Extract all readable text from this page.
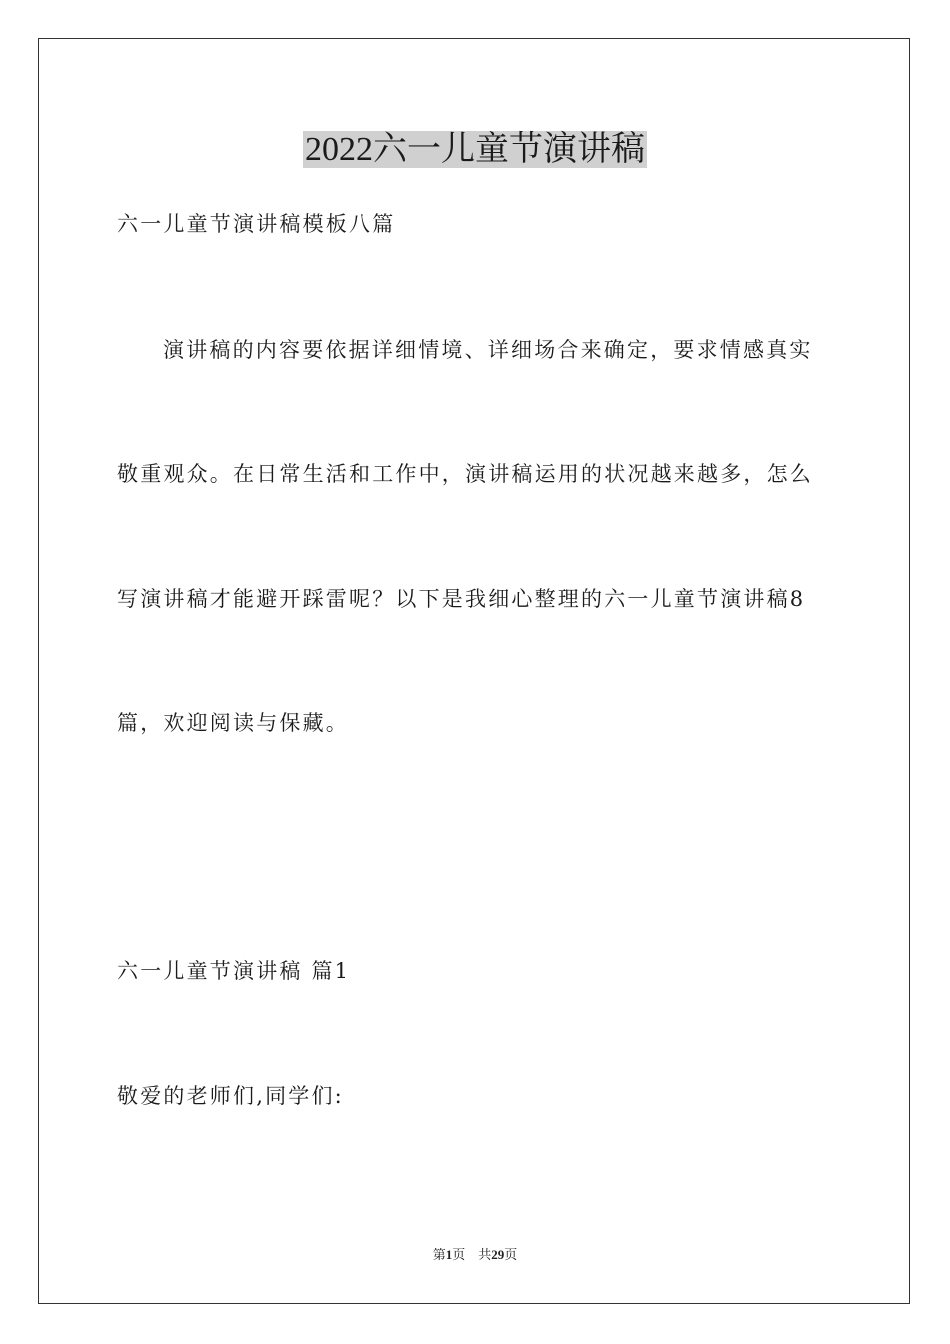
2022六一儿童节演讲稿
六一儿童节演讲稿模板八篇
演讲稿的内容要依据详细情境、详细场合来确定，要求情感真实
敬重观众。在日常生活和工作中，演讲稿运用的状况越来越多，怎么
写演讲稿才能避开踩雷呢？以下是我细心整理的六一儿童节演讲稿8
篇，欢迎阅读与保藏。
六一儿童节演讲稿 篇1
敬爱的老师们,同学们:
第1页　共29页
